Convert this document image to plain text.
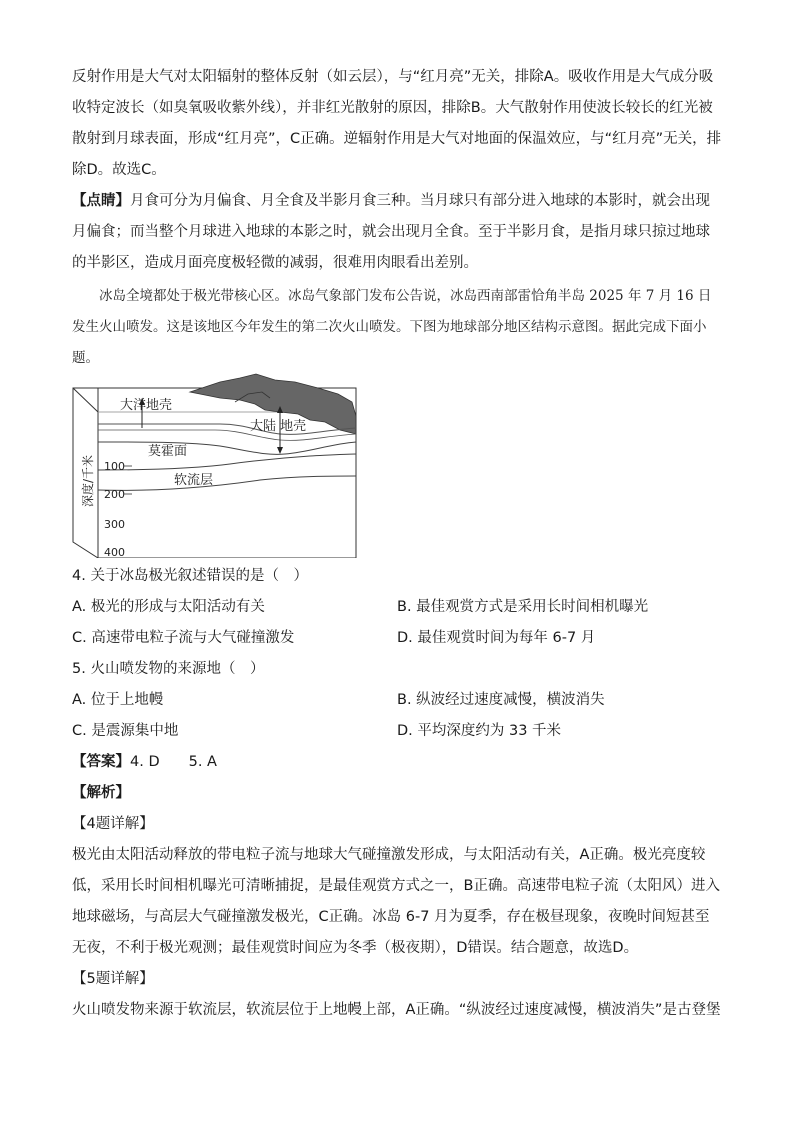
反射作用是大气对太阳辐射的整体反射（如云层），与“红月亮”无关，排除A。吸收作用是大气成分吸收特定波长（如臭氧吸收紫外线），并非红光散射的原因，排除B。大气散射作用使波长较长的红光被散射到月球表面，形成“红月亮”，C正确。逆辐射作用是大气对地面的保温效应，与“红月亮”无关，排除D。故选C。

【点睛】月食可分为月偏食、月全食及半影月食三种。当月球只有部分进入地球的本影时，就会出现月偏食；而当整个月球进入地球的本影之时，就会出现月全食。至于半影月食，是指月球只掠过地球的半影区，造成月面亮度极轻微的减弱，很难用肉眼看出差别。

冰岛全境都处于极光带核心区。冰岛气象部门发布公告说，冰岛西南部雷恰角半岛 2025 年 7 月 16 日发生火山喷发。这是该地区今年发生的第二次火山喷发。下图为地球部分地区结构示意图。据此完成下面小题。

大洋地壳
大陆 地壳
莫霍面
软流层
100
200
300
400
深度/千米

4. 关于冰岛极光叙述错误的是（　）

A. 极光的形成与太阳活动有关	B. 最佳观赏方式是采用长时间相机曝光

C. 高速带电粒子流与大气碰撞激发	D. 最佳观赏时间为每年 6-7 月

5. 火山喷发物的来源地（　）

A. 位于上地幔	B. 纵波经过速度减慢，横波消失

C. 是震源集中地	D. 平均深度约为 33 千米

【答案】4. D　　5. A

【解析】

【4题详解】

极光由太阳活动释放的带电粒子流与地球大气碰撞激发形成，与太阳活动有关，A正确。极光亮度较低，采用长时间相机曝光可清晰捕捉，是最佳观赏方式之一，B正确。高速带电粒子流（太阳风）进入地球磁场，与高层大气碰撞激发极光，C正确。冰岛 6-7 月为夏季，存在极昼现象，夜晚时间短甚至无夜，不利于极光观测；最佳观赏时间应为冬季（极夜期），D错误。结合题意，故选D。

【5题详解】

火山喷发物来源于软流层，软流层位于上地幔上部，A正确。“纵波经过速度减慢，横波消失”是古登堡
